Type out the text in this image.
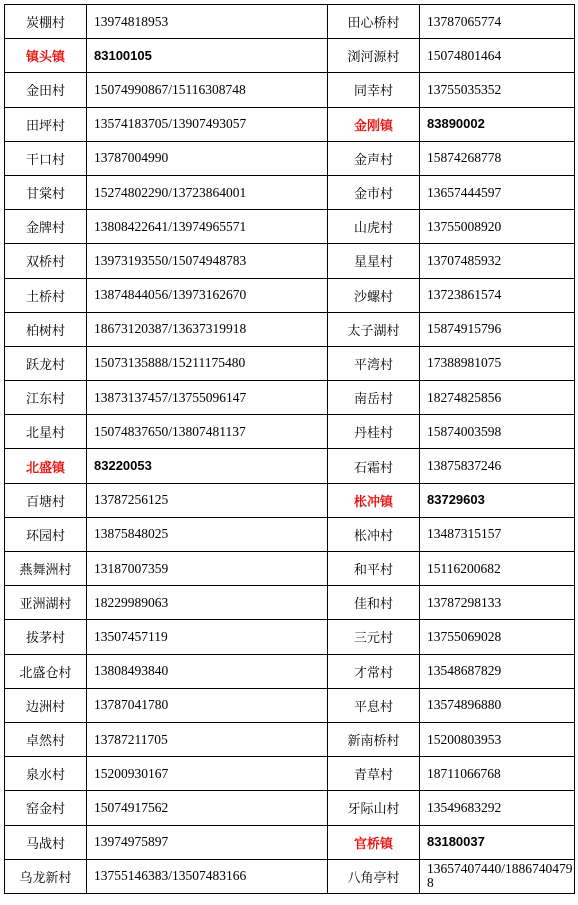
炭棚村	13974818953	田心桥村	13787065774
镇头镇	83100105	浏河源村	15074801464
金田村	15074990867/15116308748	同幸村	13755035352
田坪村	13574183705/13907493057	金刚镇	83890002
干口村	13787004990	金声村	15874268778
甘棠村	15274802290/13723864001	金市村	13657444597
金牌村	13808422641/13974965571	山虎村	13755008920
双桥村	13973193550/15074948783	星星村	13707485932
土桥村	13874844056/13973162670	沙螺村	13723861574
柏树村	18673120387/13637319918	太子湖村	15874915796
跃龙村	15073135888/15211175480	平湾村	17388981075
江东村	13873137457/13755096147	南岳村	18274825856
北星村	15074837650/13807481137	丹桂村	15874003598
北盛镇	83220053	石霜村	13875837246
百塘村	13787256125	枨冲镇	83729603
环园村	13875848025	枨冲村	13487315157
燕舞洲村	13187007359	和平村	15116200682
亚洲湖村	18229989063	佳和村	13787298133
拔茅村	13507457119	三元村	13755069028
北盛仓村	13808493840	才常村	13548687829
边洲村	13787041780	平息村	13574896880
卓然村	13787211705	新南桥村	15200803953
泉水村	15200930167	青草村	18711066768
窑金村	15074917562	牙际山村	13549683292
马战村	13974975897	官桥镇	83180037
乌龙新村	13755146383/13507483166	八角亭村	13657407440/18867404798
